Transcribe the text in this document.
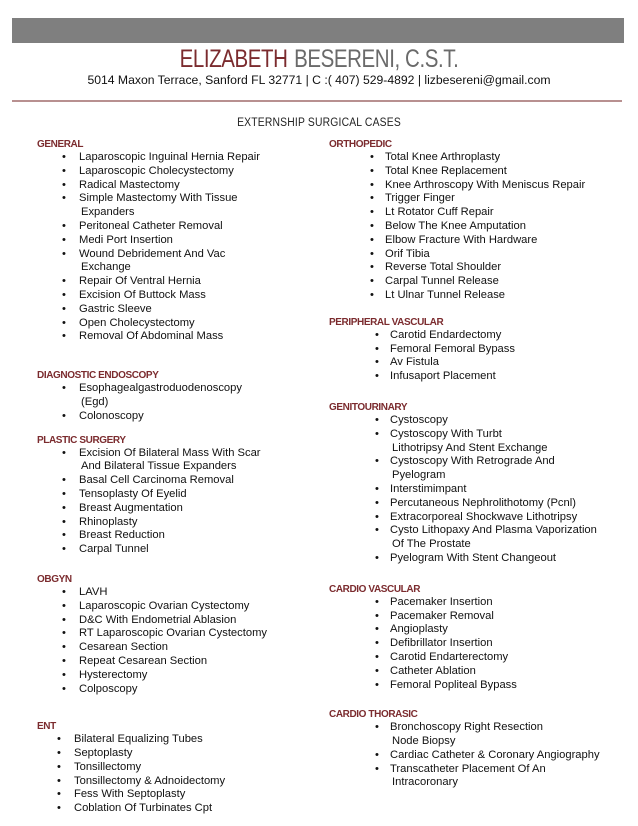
ELIZABETH BESERENI, C.S.T.
5014 Maxon Terrace, Sanford FL 32771 | C :( 407) 529-4892 | lizbesereni@gmail.com
EXTERNSHIP SURGICAL CASES
GENERAL
• Laparoscopic Inguinal Hernia Repair
• Laparoscopic Cholecystectomy
• Radical Mastectomy
• Simple Mastectomy With Tissue
Expanders
• Peritoneal Catheter Removal
• Medi Port Insertion
• Wound Debridement And Vac
Exchange
• Repair Of Ventral Hernia
• Excision Of Buttock Mass
• Gastric Sleeve
• Open Cholecystectomy
• Removal Of Abdominal Mass
DIAGNOSTIC ENDOSCOPY
• Esophagealgastroduodenoscopy
(Egd)
• Colonoscopy
PLASTIC SURGERY
• Excision Of Bilateral Mass With Scar
And Bilateral Tissue Expanders
• Basal Cell Carcinoma Removal
• Tensoplasty Of Eyelid
• Breast Augmentation
• Rhinoplasty
• Breast Reduction
• Carpal Tunnel
OBGYN
• LAVH
• Laparoscopic Ovarian Cystectomy
• D&C With Endometrial Ablasion
• RT Laparoscopic Ovarian Cystectomy
• Cesarean Section
• Repeat Cesarean Section
• Hysterectomy
• Colposcopy
ENT
• Bilateral Equalizing Tubes
• Septoplasty
• Tonsillectomy
• Tonsillectomy & Adnoidectomy
• Fess With Septoplasty
• Coblation Of Turbinates Cpt
ORTHOPEDIC
• Total Knee Arthroplasty
• Total Knee Replacement
• Knee Arthroscopy With Meniscus Repair
• Trigger Finger
• Lt Rotator Cuff Repair
• Below The Knee Amputation
• Elbow Fracture With Hardware
• Orif Tibia
• Reverse Total Shoulder
• Carpal Tunnel Release
• Lt Ulnar Tunnel Release
PERIPHERAL VASCULAR
• Carotid Endardectomy
• Femoral Femoral Bypass
• Av Fistula
• Infusaport Placement
GENITOURINARY
• Cystoscopy
• Cystoscopy With Turbt
Lithotripsy And Stent Exchange
• Cystoscopy With Retrograde And
Pyelogram
• Interstimimpant
• Percutaneous Nephrolithotomy (Pcnl)
• Extracorporeal Shockwave Lithotripsy
• Cysto Lithopaxy And Plasma Vaporization
Of The Prostate
• Pyelogram With Stent Changeout
CARDIO VASCULAR
• Pacemaker Insertion
• Pacemaker Removal
• Angioplasty
• Defibrillator Insertion
• Carotid Endarterectomy
• Catheter Ablation
• Femoral Popliteal Bypass
CARDIO THORASIC
• Bronchoscopy Right Resection
Node Biopsy
• Cardiac Catheter & Coronary Angiography
• Transcatheter Placement Of An
Intracoronary
